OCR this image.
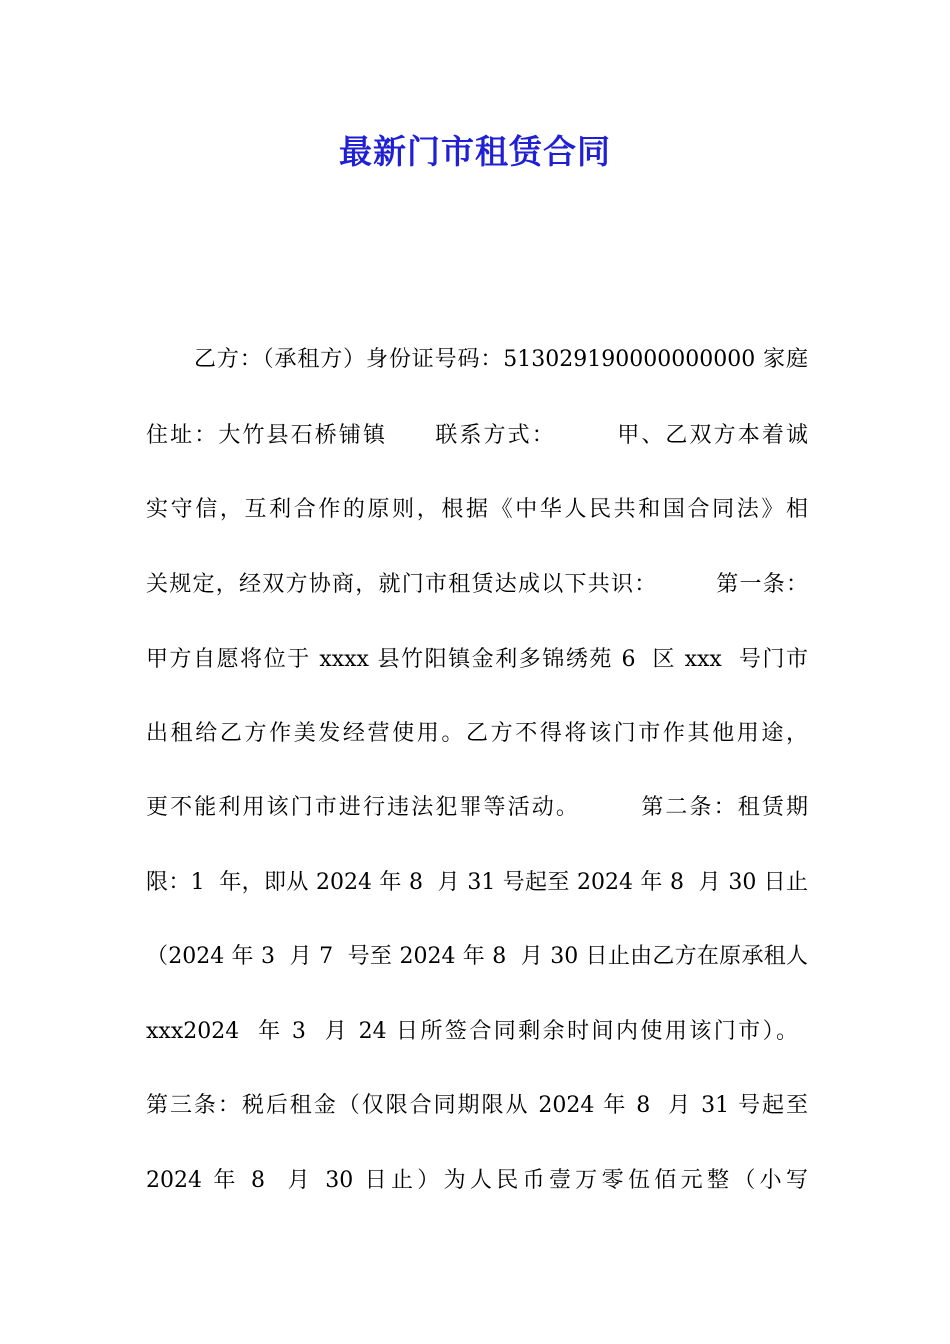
最新门市租赁合同
乙方：（承租方）身份证号码：513029190000000000 家庭
住址：大竹县石桥铺镇　　联系方式：　　　甲、乙双方本着诚
实守信，互利合作的原则，根据《中华人民共和国合同法》相
关规定，经双方协商，就门市租赁达成以下共识：　　　第一条：
甲方自愿将位于 xxxx 县竹阳镇金利多锦绣苑 6  区 xxx  号门市
出租给乙方作美发经营使用。乙方不得将该门市作其他用途，
更不能利用该门市进行违法犯罪等活动。　　　第二条：租赁期
限：1  年，即从 2024 年 8  月 31 号起至 2024 年 8  月 30 日止
（2024 年 3  月 7  号至 2024 年 8  月 30 日止由乙方在原承租人
xxx2024  年 3  月 24 日所签合同剩余时间内使用该门市）。
第三条：税后租金（仅限合同期限从 2024 年 8  月 31 号起至
2024 年 8  月 30 日止）为人民币壹万零伍佰元整（小写
